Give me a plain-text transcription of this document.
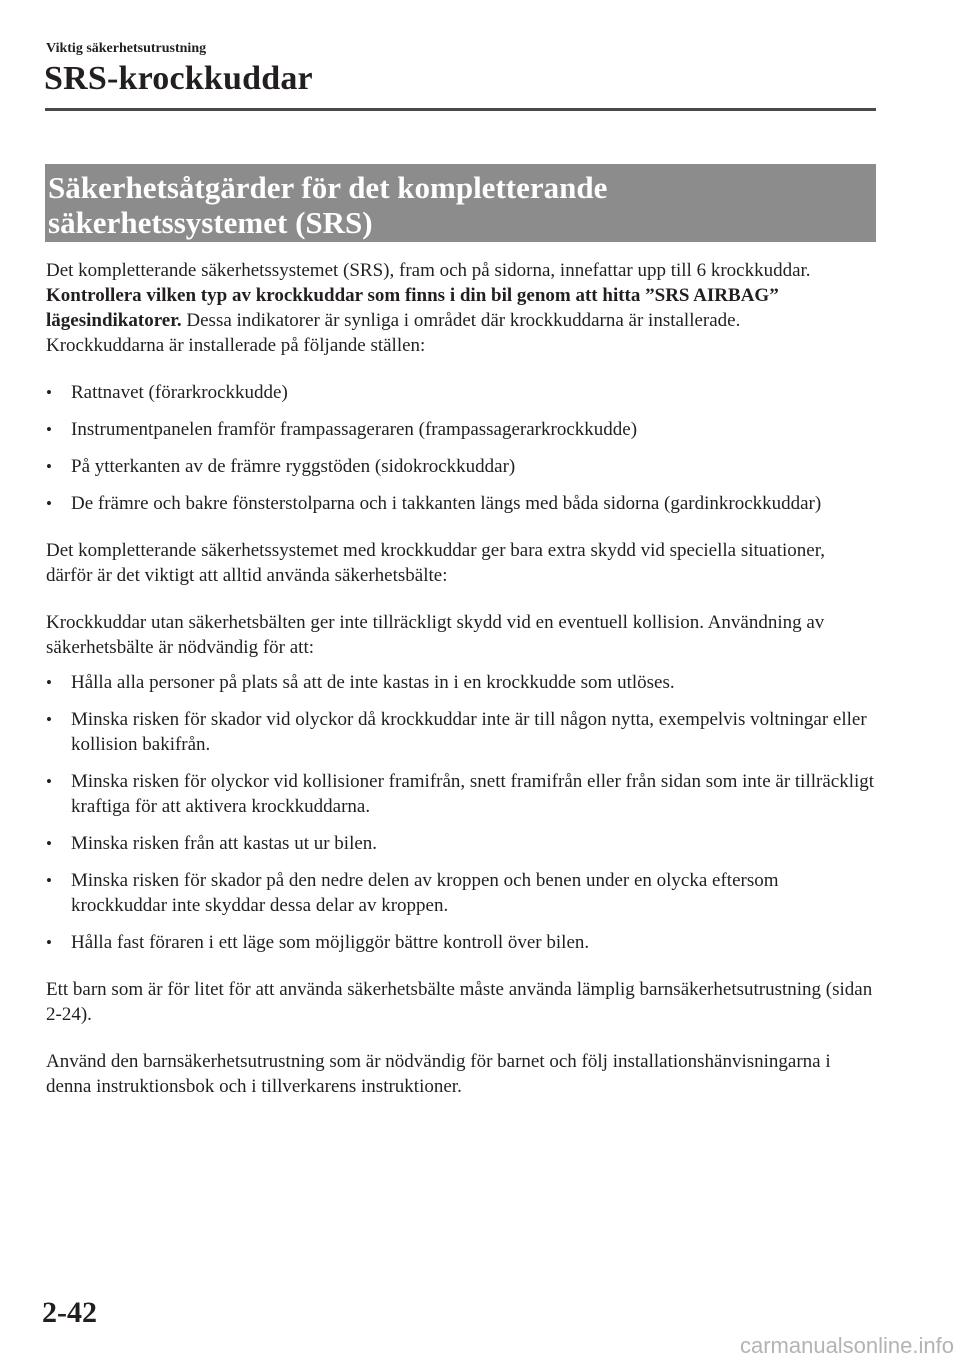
Viktig säkerhetsutrustning
SRS-krockkuddar
Säkerhetsåtgärder för det kompletterande
säkerhetssystemet (SRS)

Det kompletterande säkerhetssystemet (SRS), fram och på sidorna, innefattar upp till 6 krockkuddar. Kontrollera vilken typ av krockkuddar som finns i din bil genom att hitta ”SRS AIRBAG” lägesindikatorer. Dessa indikatorer är synliga i området där krockkuddarna är installerade.
Krockkuddarna är installerade på följande ställen:

• Rattnavet (förarkrockkudde)
• Instrumentpanelen framför frampassageraren (frampassagerarkrockkudde)
• På ytterkanten av de främre ryggstöden (sidokrockkuddar)
• De främre och bakre fönsterstolparna och i takkanten längs med båda sidorna (gardinkrockkuddar)

Det kompletterande säkerhetssystemet med krockkuddar ger bara extra skydd vid speciella situationer, därför är det viktigt att alltid använda säkerhetsbälte:

Krockkuddar utan säkerhetsbälten ger inte tillräckligt skydd vid en eventuell kollision. Användning av säkerhetsbälte är nödvändig för att:

• Hålla alla personer på plats så att de inte kastas in i en krockkudde som utlöses.
• Minska risken för skador vid olyckor då krockkuddar inte är till någon nytta, exempelvis voltningar eller kollision bakifrån.
• Minska risken för olyckor vid kollisioner framifrån, snett framifrån eller från sidan som inte är tillräckligt kraftiga för att aktivera krockkuddarna.
• Minska risken från att kastas ut ur bilen.
• Minska risken för skador på den nedre delen av kroppen och benen under en olycka eftersom krockkuddar inte skyddar dessa delar av kroppen.
• Hålla fast föraren i ett läge som möjliggör bättre kontroll över bilen.

Ett barn som är för litet för att använda säkerhetsbälte måste använda lämplig barnsäkerhetsutrustning (sidan 2-24).

Använd den barnsäkerhetsutrustning som är nödvändig för barnet och följ installationshänvisningarna i denna instruktionsbok och i tillverkarens instruktioner.

2-42
carmanualsonline.info
